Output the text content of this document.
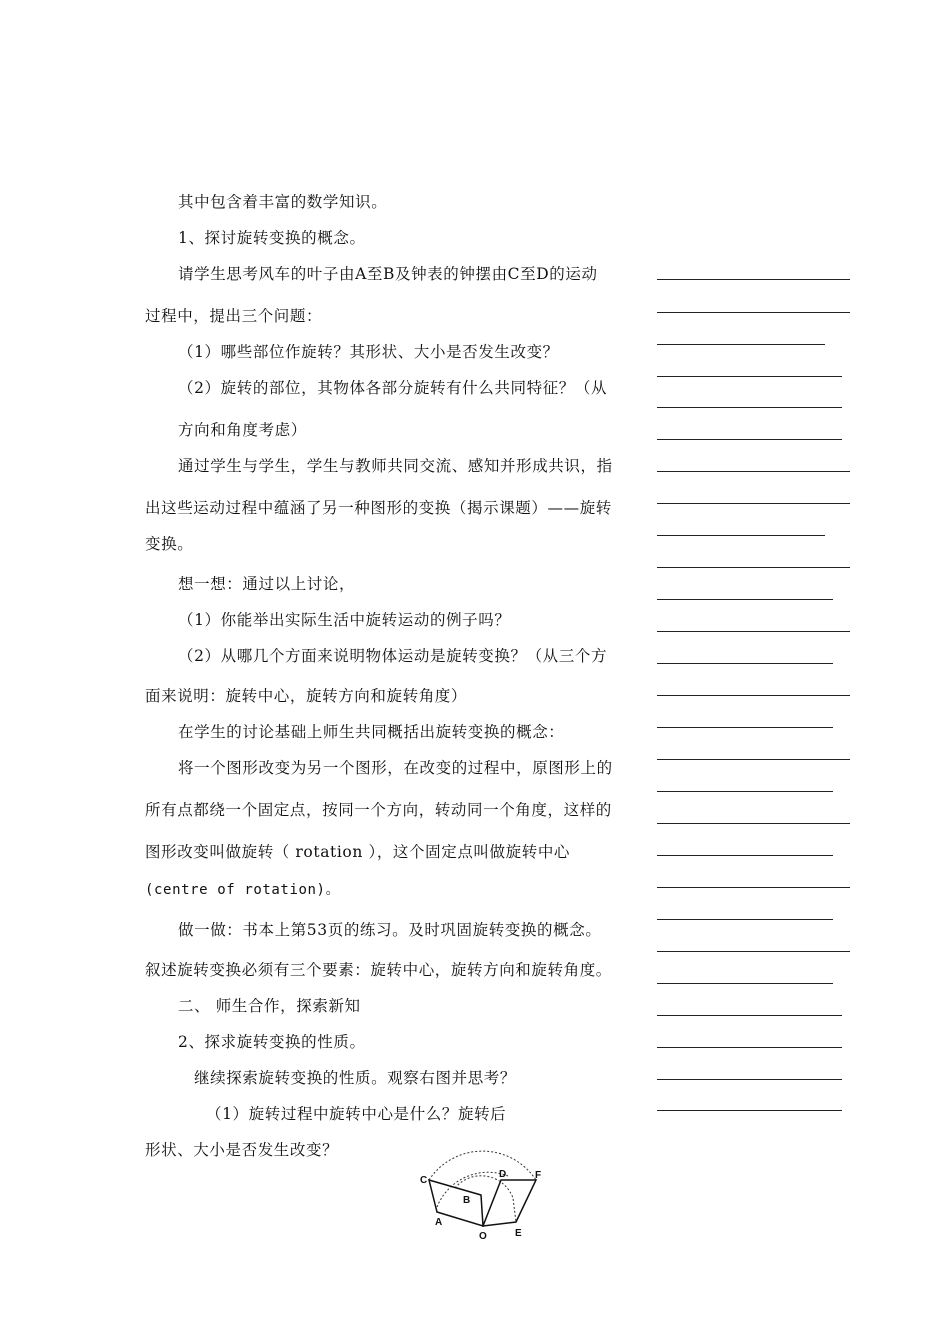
其中包含着丰富的数学知识。

1、探讨旋转变换的概念。

请学生思考风车的叶子由A至B及钟表的钟摆由C至D的运动

过程中，提出三个问题：

（1）哪些部位作旋转？其形状、大小是否发生改变？

（2）旋转的部位，其物体各部分旋转有什么共同特征？（从

方向和角度考虑）

通过学生与学生，学生与教师共同交流、感知并形成共识，指

出这些运动过程中蕴涵了另一种图形的变换（揭示课题）——旋转

变换。

想一想：通过以上讨论，

（1）你能举出实际生活中旋转运动的例子吗？

（2）从哪几个方面来说明物体运动是旋转变换？（从三个方

面来说明：旋转中心，旋转方向和旋转角度）

在学生的讨论基础上师生共同概括出旋转变换的概念：

将一个图形改变为另一个图形，在改变的过程中，原图形上的

所有点都绕一个固定点，按同一个方向，转动同一个角度，这样的

图形改变叫做旋转（ rotation ），这个固定点叫做旋转中心

(centre of rotation)。

做一做：书本上第53页的练习。及时巩固旋转变换的概念。

叙述旋转变换必须有三个要素：旋转中心，旋转方向和旋转角度。

二、 师生合作，探索新知

2、探求旋转变换的性质。

继续探索旋转变换的性质。观察右图并思考？

（1）旋转过程中旋转中心是什么？旋转后

形状、大小是否发生改变？

C
D	F
B
A
O	E
